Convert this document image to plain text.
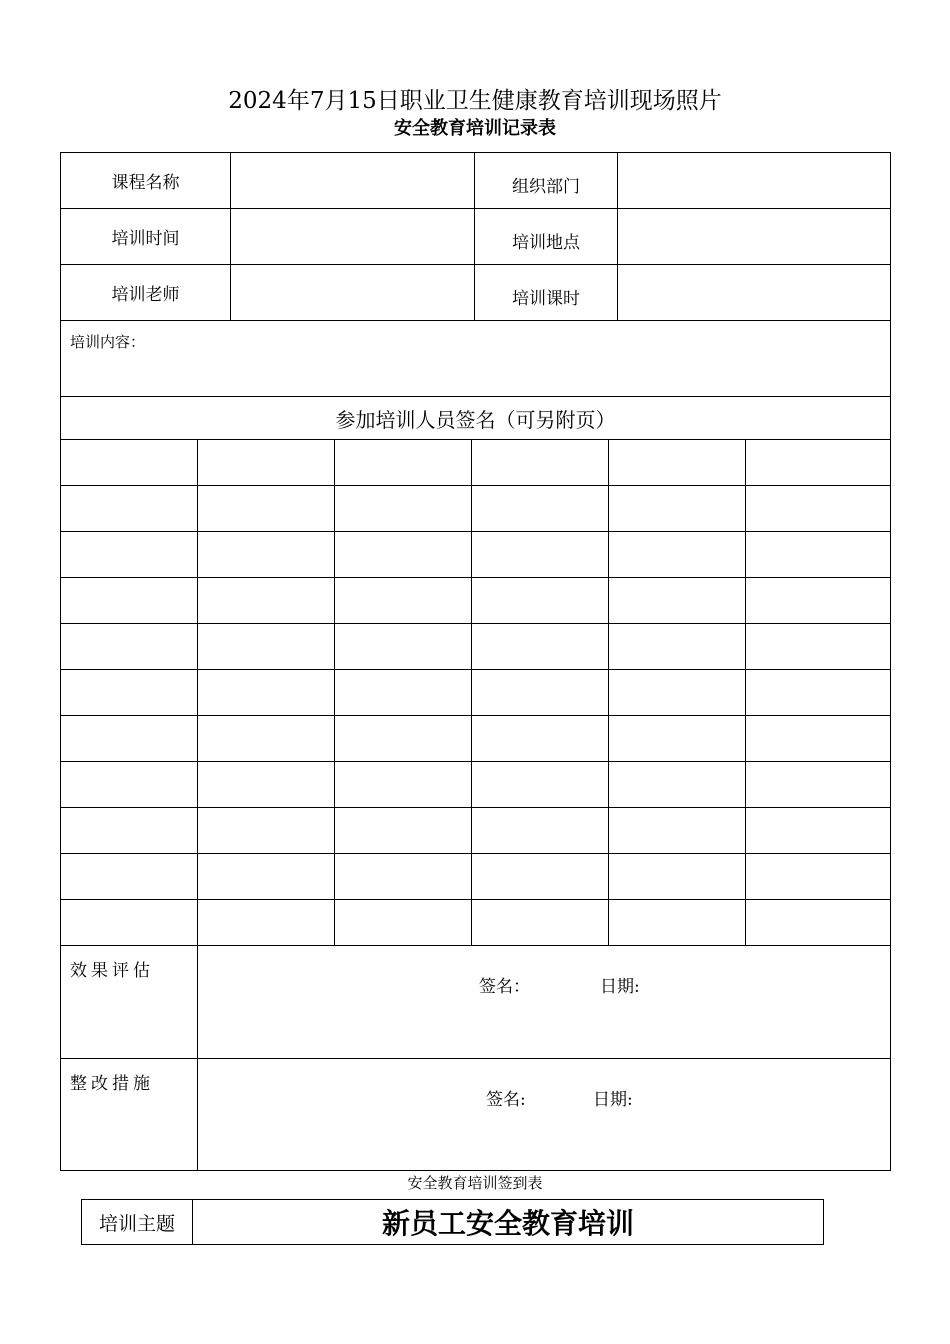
2024年7月15日职业卫生健康教育培训现场照片
安全教育培训记录表
课程名称					组织部门			
培训时间					培训地点			
培训老师					培训课时			
培训内容：								
参加培训人员签名（可另附页）								

效果评估	签名： 日期:							

整改措施	签名: 日期:							
安全教育培训签到表
培训主题	新员工安全教育培训
